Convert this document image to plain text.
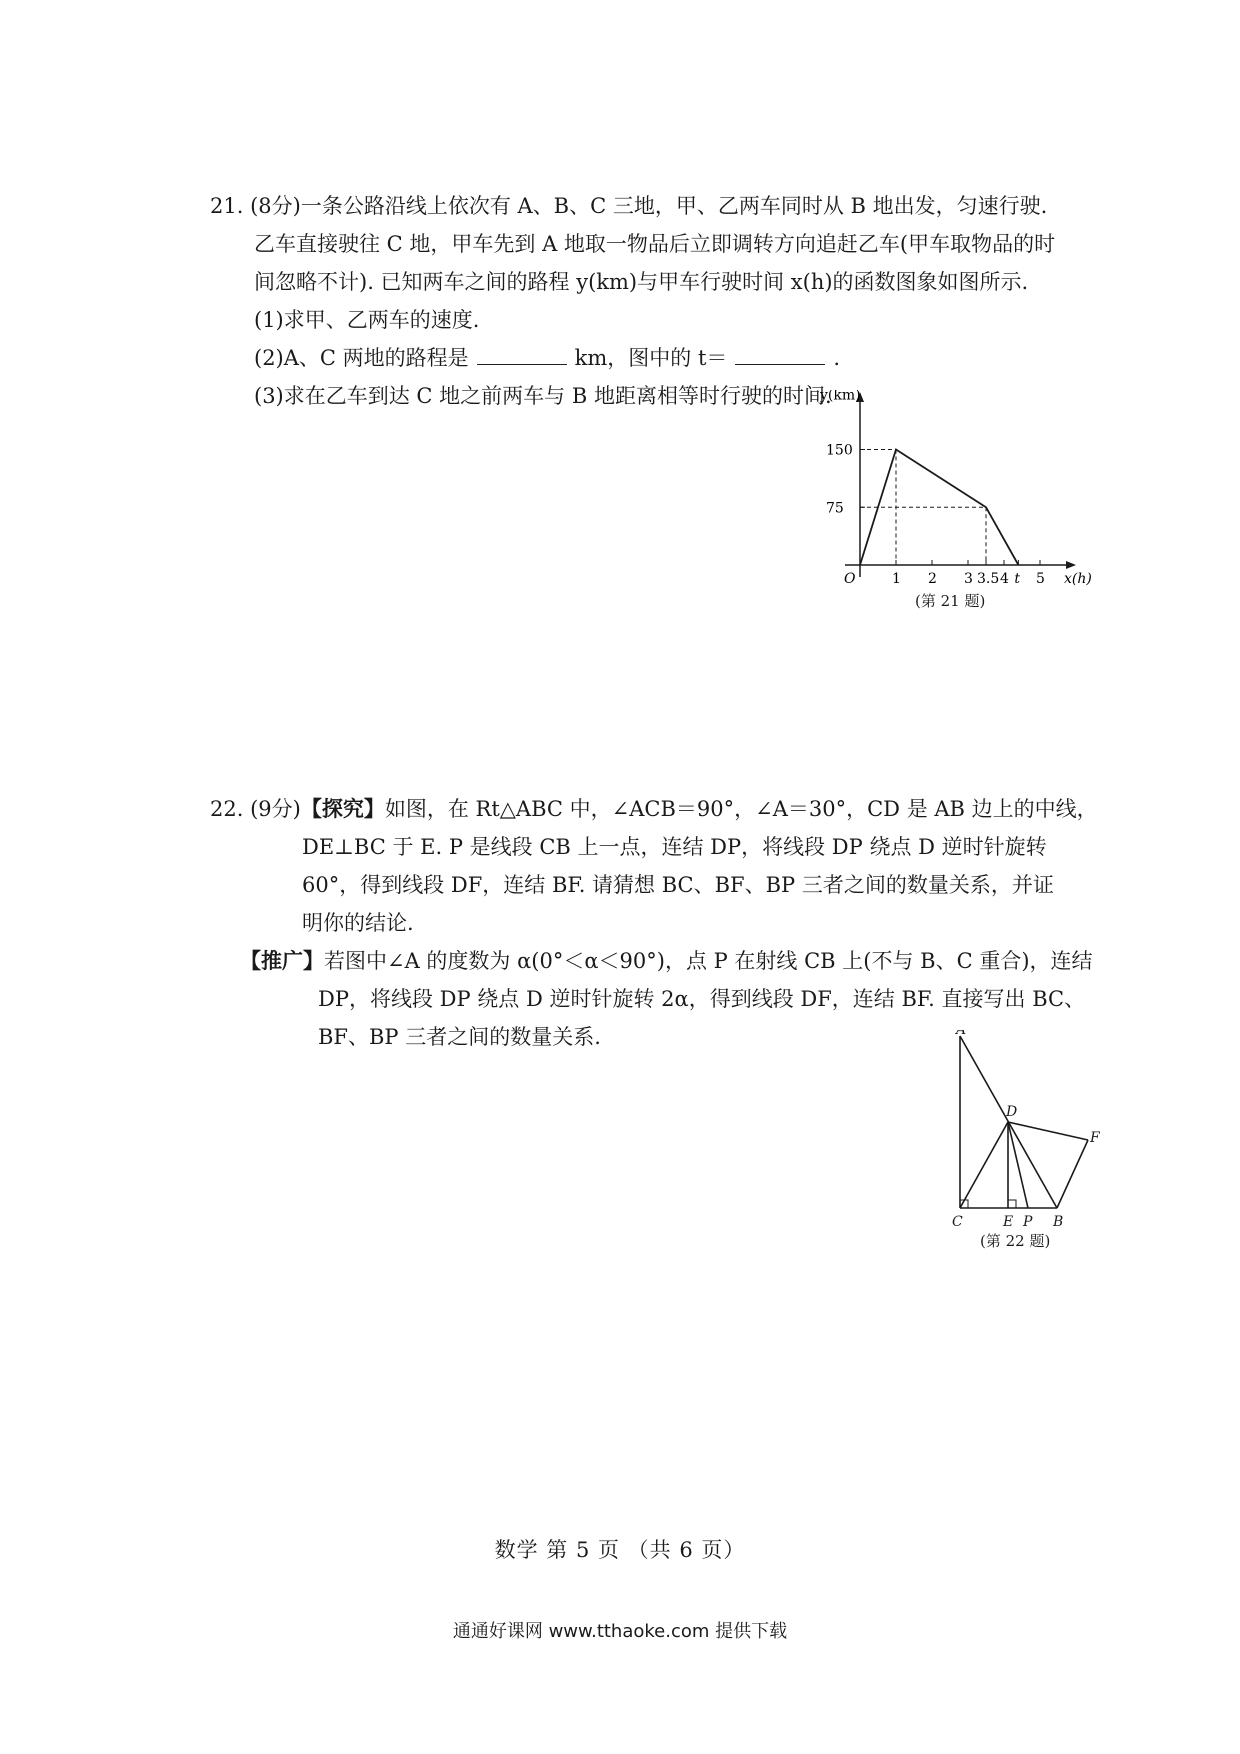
21. (8分)一条公路沿线上依次有 A、B、C 三地，甲、乙两车同时从 B 地出发，匀速行驶.
乙车直接驶往 C 地，甲车先到 A 地取一物品后立即调转方向追赶乙车(甲车取物品的时
间忽略不计). 已知两车之间的路程 y(km)与甲车行驶时间 x(h)的函数图象如图所示.
(1)求甲、乙两车的速度.
(2)A、C 两地的路程是	km，图中的 t＝	.
(3)求在乙车到达 C 地之前两车与 B 地距离相等时行驶的时间.
x(h)
y(km)
O	1 2 3 3.5 4 t 5
75
150
(第 21 题)
22. (9分)【探究】如图，在 Rt△ABC 中，∠ACB＝90°，∠A＝30°，CD 是 AB 边上的中线，
DE⊥BC 于 E. P 是线段 CB 上一点，连结 DP，将线段 DP 绕点 D 逆时针旋转
60°，得到线段 DF，连结 BF. 请猜想 BC、BF、BP 三者之间的数量关系，并证
明你的结论.
【推广】若图中∠A 的度数为 α(0°＜α＜90°)，点 P 在射线 CB 上(不与 B、C 重合)，连结
DP，将线段 DP 绕点 D 逆时针旋转 2α，得到线段 DF，连结 BF. 直接写出 BC、
BF、BP 三者之间的数量关系.	A
D
F
C	E P B
(第 22 题)
数学 第 5 页 （共 6 页）
通通好课网 www.tthaoke.com 提供下载
